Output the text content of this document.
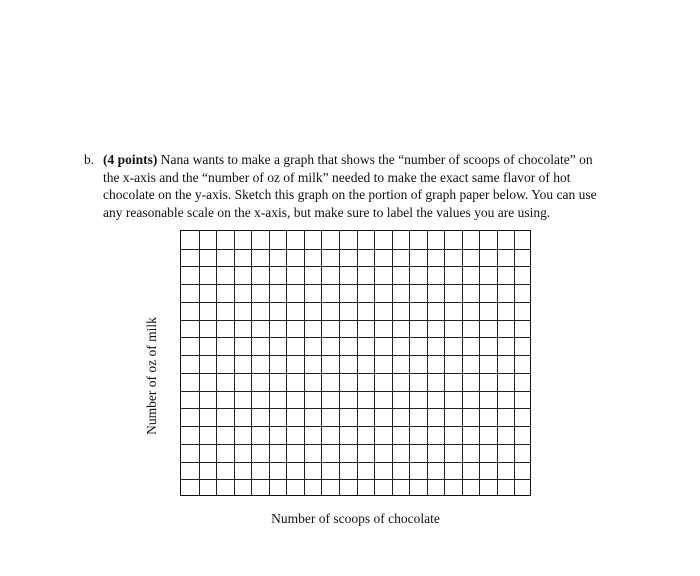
b. (4 points) Nana wants to make a graph that shows the “number of scoops of chocolate” on
the x-axis and the “number of oz of milk” needed to make the exact same flavor of hot
chocolate on the y-axis. Sketch this graph on the portion of graph paper below. You can use
any reasonable scale on the x-axis, but make sure to label the values you are using.
Number of oz of milk
Number of scoops of chocolate
